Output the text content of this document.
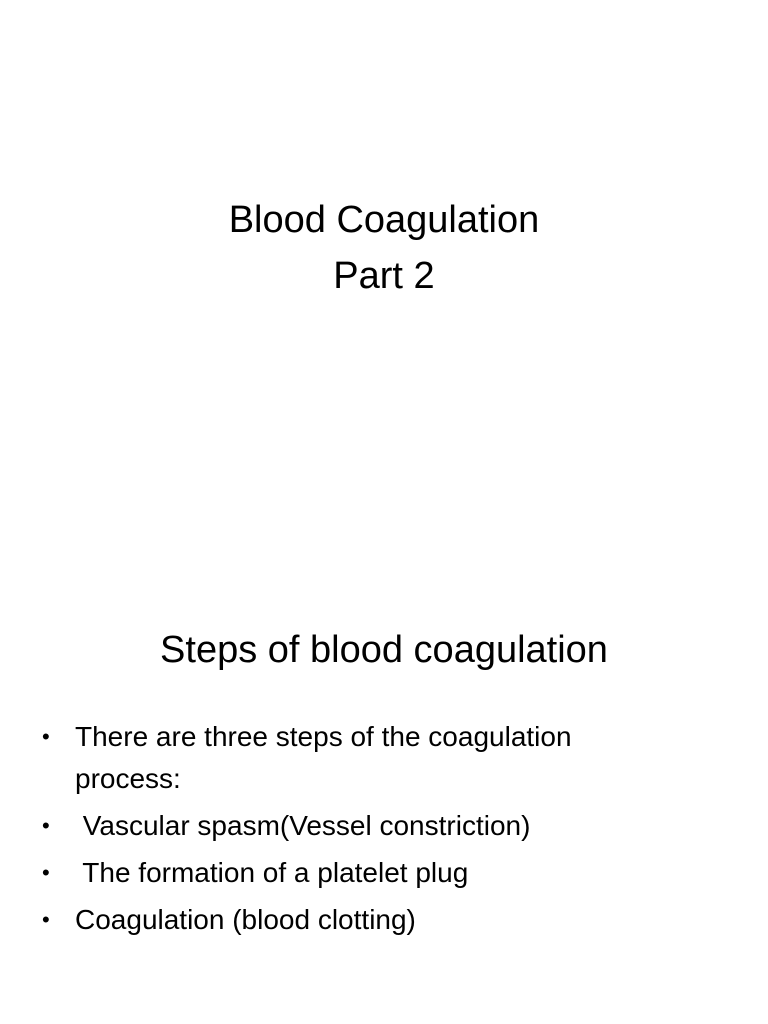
Blood Coagulation
Part 2
Steps of blood coagulation
• There are three steps of the coagulation process:
• Vascular spasm(Vessel constriction)
• The formation of a platelet plug
• Coagulation (blood clotting)
